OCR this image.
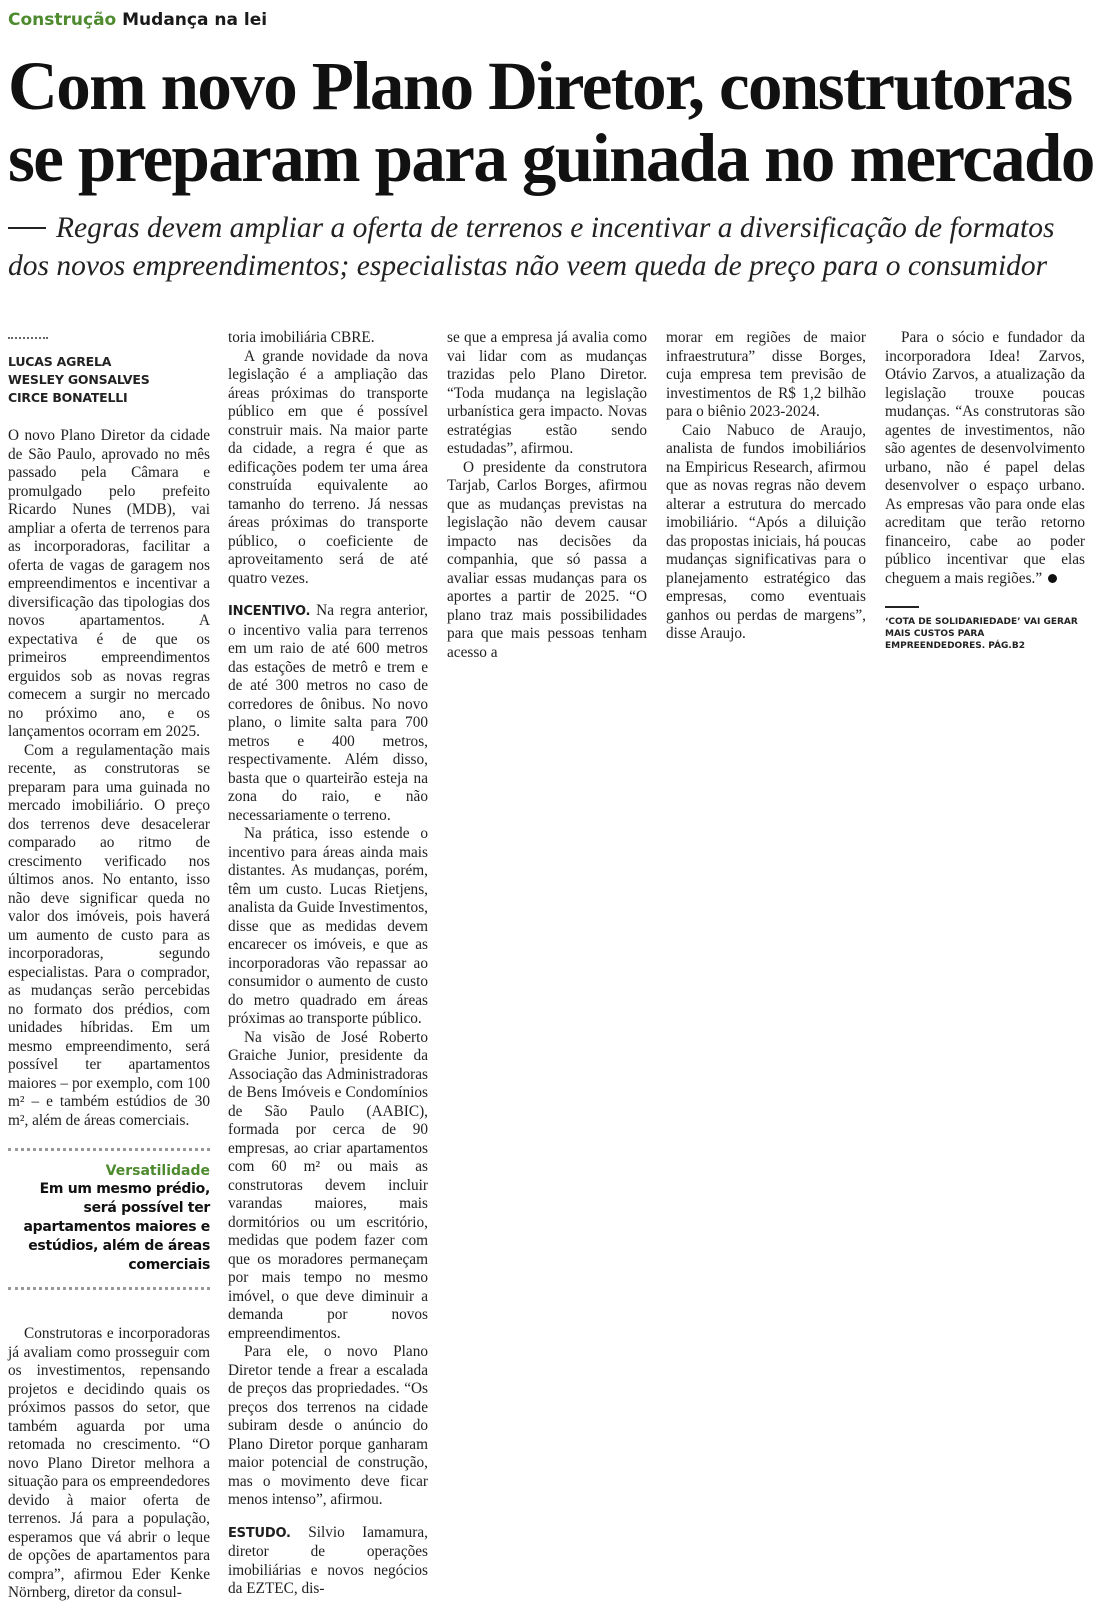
Construção Mudança na lei
Com novo Plano Diretor, construtoras
se preparam para guinada no mercado
Regras devem ampliar a oferta de terrenos e incentivar a diversificação de formatos
dos novos empreendimentos; especialistas não veem queda de preço para o consumidor
LUCAS AGRELA
WESLEY GONSALVES
CIRCE BONATELLI

O novo Plano Diretor da cidade de São Paulo, aprovado no mês passado pela Câmara e promulgado pelo prefeito Ricardo Nunes (MDB), vai ampliar a oferta de terrenos para as incorporadoras, facilitar a oferta de vagas de garagem nos empreendimentos e incentivar a diversificação das tipologias dos novos apartamentos. A expectativa é de que os primeiros empreendimentos erguidos sob as novas regras comecem a surgir no mercado no próximo ano, e os lançamentos ocorram em 2025.

Com a regulamentação mais recente, as construtoras se preparam para uma guinada no mercado imobiliário. O preço dos terrenos deve desacelerar comparado ao ritmo de crescimento verificado nos últimos anos. No entanto, isso não deve significar queda no valor dos imóveis, pois haverá um aumento de custo para as incorporadoras, segundo especialistas. Para o comprador, as mudanças serão percebidas no formato dos prédios, com unidades híbridas. Em um mesmo empreendimento, será possível ter apartamentos maiores – por exemplo, com 100 m² – e também estúdios de 30 m², além de áreas comerciais.

Versatilidade
Em um mesmo prédio, será possível ter apartamentos maiores e estúdios, além de áreas comerciais

Construtoras e incorporadoras já avaliam como prosseguir com os investimentos, repensando projetos e decidindo quais os próximos passos do setor, que também aguarda por uma retomada no crescimento. “O novo Plano Diretor melhora a situação para os empreendedores devido à maior oferta de terrenos. Já para a população, esperamos que vá abrir o leque de opções de apartamentos para compra”, afirmou Eder Kenke Nörnberg, diretor da consul-

toria imobiliária CBRE.

A grande novidade da nova legislação é a ampliação das áreas próximas do transporte público em que é possível construir mais. Na maior parte da cidade, a regra é que as edificações podem ter uma área construída equivalente ao tamanho do terreno. Já nessas áreas próximas do transporte público, o coeficiente de aproveitamento será de até quatro vezes.

INCENTIVO. Na regra anterior, o incentivo valia para terrenos em um raio de até 600 metros das estações de metrô e trem e de até 300 metros no caso de corredores de ônibus. No novo plano, o limite salta para 700 metros e 400 metros, respectivamente. Além disso, basta que o quarteirão esteja na zona do raio, e não necessariamente o terreno.

Na prática, isso estende o incentivo para áreas ainda mais distantes. As mudanças, porém, têm um custo. Lucas Rietjens, analista da Guide Investimentos, disse que as medidas devem encarecer os imóveis, e que as incorporadoras vão repassar ao consumidor o aumento de custo do metro quadrado em áreas próximas ao transporte público.

Na visão de José Roberto Graiche Junior, presidente da Associação das Administradoras de Bens Imóveis e Condomínios de São Paulo (AABIC), formada por cerca de 90 empresas, ao criar apartamentos com 60 m² ou mais as construtoras devem incluir varandas maiores, mais dormitórios ou um escritório, medidas que podem fazer com que os moradores permaneçam por mais tempo no mesmo imóvel, o que deve diminuir a demanda por novos empreendimentos.

Para ele, o novo Plano Diretor tende a frear a escalada de preços das propriedades. “Os preços dos terrenos na cidade subiram desde o anúncio do Plano Diretor porque ganharam maior potencial de construção, mas o movimento deve ficar menos intenso”, afirmou.

ESTUDO. Silvio Iamamura, diretor de operações imobiliárias e novos negócios da EZTEC, dis-

se que a empresa já avalia como vai lidar com as mudanças trazidas pelo Plano Diretor. “Toda mudança na legislação urbanística gera impacto. Novas estratégias estão sendo estudadas”, afirmou.

O presidente da construtora Tarjab, Carlos Borges, afirmou que as mudanças previstas na legislação não devem causar impacto nas decisões da companhia, que só passa a avaliar essas mudanças para os aportes a partir de 2025. “O plano traz mais possibilidades para que mais pessoas tenham acesso a

morar em regiões de maior infraestrutura” disse Borges, cuja empresa tem previsão de investimentos de R$ 1,2 bilhão para o biênio 2023-2024.

Caio Nabuco de Araujo, analista de fundos imobiliários na Empiricus Research, afirmou que as novas regras não devem alterar a estrutura do mercado imobiliário. “Após a diluição das propostas iniciais, há poucas mudanças significativas para o planejamento estratégico das empresas, como eventuais ganhos ou perdas de margens”, disse Araujo.

Para o sócio e fundador da incorporadora Idea! Zarvos, Otávio Zarvos, a atualização da legislação trouxe poucas mudanças. “As construtoras são agentes de investimentos, não são agentes de desenvolvimento urbano, não é papel delas desenvolver o espaço urbano. As empresas vão para onde elas acreditam que terão retorno financeiro, cabe ao poder público incentivar que elas cheguem a mais regiões.”

‘COTA DE SOLIDARIEDADE’ VAI GERAR MAIS CUSTOS PARA EMPREENDEDORES. PÁG.B2
